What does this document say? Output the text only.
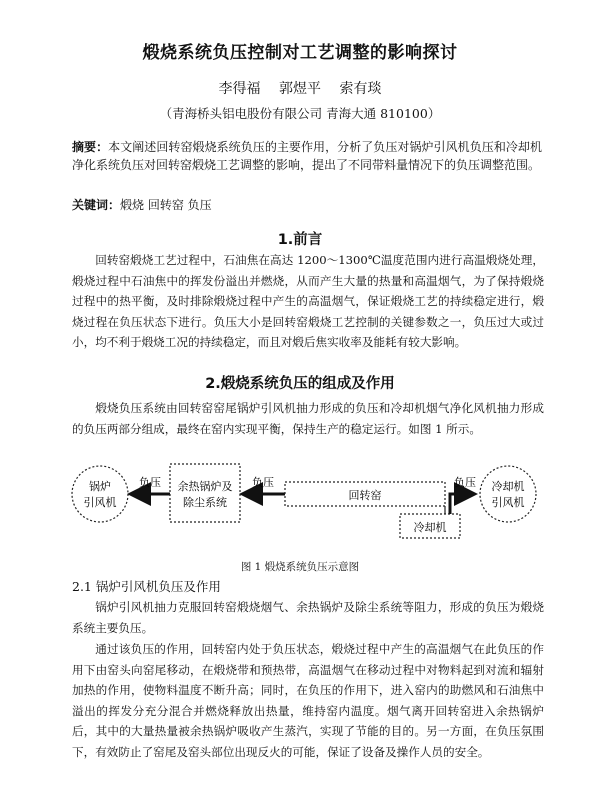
煅烧系统负压控制对工艺调整的影响探讨
李得福 郭煜平 索有琰
（青海桥头铝电股份有限公司 青海大通 810100）
摘要：本文阐述回转窑煅烧系统负压的主要作用，分析了负压对锅炉引风机负压和冷却机净化系统负压对回转窑煅烧工艺调整的影响，提出了不同带料量情况下的负压调整范围。
关键词：煅烧 回转窑 负压
1.前言
回转窑煅烧工艺过程中，石油焦在高达 1200～1300℃温度范围内进行高温煅烧处理，煅烧过程中石油焦中的挥发份溢出并燃烧，从而产生大量的热量和高温烟气，为了保持煅烧过程中的热平衡，及时排除煅烧过程中产生的高温烟气，保证煅烧工艺的持续稳定进行，煅烧过程在负压状态下进行。负压大小是回转窑煅烧工艺控制的关键参数之一，负压过大或过小，均不利于煅烧工况的持续稳定，而且对煅后焦实收率及能耗有较大影响。
2.煅烧系统负压的组成及作用
煅烧负压系统由回转窑窑尾锅炉引风机抽力形成的负压和冷却机烟气净化风机抽力形成的负压两部分组成，最终在窑内实现平衡，保持生产的稳定运行。如图 1 所示。
锅炉
引风机
负压 余热锅炉及
除尘系统
负压
回转窑
冷却机
负压 冷却机
引风机
图 1 煅烧系统负压示意图
2.1 锅炉引风机负压及作用
锅炉引风机抽力克服回转窑煅烧烟气、余热锅炉及除尘系统等阻力，形成的负压为煅烧系统主要负压。
通过该负压的作用，回转窑内处于负压状态，煅烧过程中产生的高温烟气在此负压的作用下由窑头向窑尾移动，在煅烧带和预热带，高温烟气在移动过程中对物料起到对流和辐射加热的作用，使物料温度不断升高；同时，在负压的作用下，进入窑内的助燃风和石油焦中溢出的挥发分充分混合并燃烧释放出热量，维持窑内温度。烟气离开回转窑进入余热锅炉后，其中的大量热量被余热锅炉吸收产生蒸汽，实现了节能的目的。另一方面，在负压氛围下，有效防止了窑尾及窑头部位出现反火的可能，保证了设备及操作人员的安全。
